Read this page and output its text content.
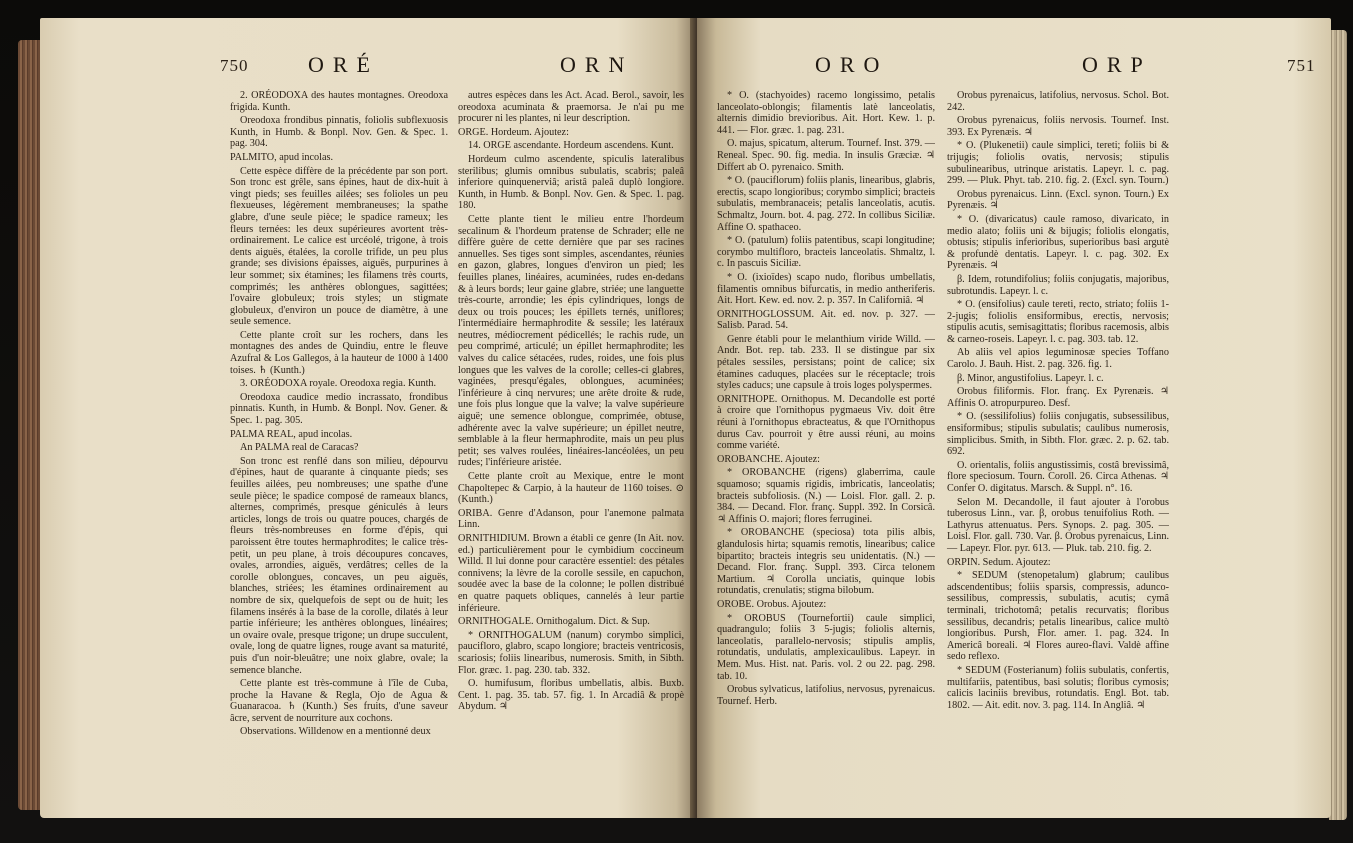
750	ORÉ	ORN

2. ORÉODOXA des hautes montagnes. Oreodoxa frigida. Kunth.

Oreodoxa frondibus pinnatis, foliolis subflexuosis Kunth, in Humb. & Bonpl. Nov. Gen. & Spec. 1. pag. 304.

PALMITO, apud incolas.

Cette espèce diffère de la précédente par son port. Son tronc est grêle, sans épines, haut de dix-huit à vingt pieds; ses feuilles ailées; ses folioles un peu flexueuses, légèrement membraneuses; la spathe glabre, d'une seule pièce; le spadice rameux; les fleurs ternées: les deux supérieures avortent très-ordinairement. Le calice est urcéolé, trigone, à trois dents aiguës, étalées, la corolle trifide, un peu plus grande; ses divisions épaisses, aiguës, purpurines à leur sommet; six étamines; les filamens très courts, comprimés; les anthères oblongues, sagittées; l'ovaire globuleux; trois styles; un stigmate globuleux, d'environ un pouce de diamètre, à une seule semence.

Cette plante croît sur les rochers, dans les montagnes des andes de Quindiu, entre le fleuve Azufral & Los Gallegos, à la hauteur de 1000 à 1400 toises. ♄ (Kunth.)

3. ORÉODOXA royale. Oreodoxa regia. Kunth.

Oreodoxa caudice medio incrassato, frondibus pinnatis. Kunth, in Humb. & Bonpl. Nov. Gener. & Spec. 1. pag. 305.

PALMA REAL, apud incolas.

An PALMA real de Caracas?

Son tronc est renflé dans son milieu, dépourvu d'épines, haut de quarante à cinquante pieds; ses feuilles ailées, peu nombreuses; une spathe d'une seule pièce; le spadice composé de rameaux blancs, alternes, comprimés, presque géniculés à leurs articles, longs de trois ou quatre pouces, chargés de fleurs très-nombreuses en forme d'épis, qui paroissent être toutes hermaphrodites; le calice très-petit, un peu plane, à trois découpures concaves, ovales, arrondies, aiguës, verdâtres; celles de la corolle oblongues, concaves, un peu aiguës, blanches, striées; les étamines ordinairement au nombre de six, quelquefois de sept ou de huit; les filamens insérés à la base de la corolle, dilatés à leur partie inférieure; les anthères oblongues, linéaires; un ovaire ovale, presque trigone; un drupe succulent, ovale, long de quatre lignes, rouge avant sa maturité, puis d'un noir-bleuâtre; une noix glabre, ovale; la semence blanche.

Cette plante est très-commune à l'île de Cuba, proche la Havane & Regla, Ojo de Agua & Guanaracoa. ♄ (Kunth.) Ses fruits, d'une saveur âcre, servent de nourriture aux cochons.

Observations. Willdenow en a mentionné deux

autres espèces dans les Act. Acad. Berol., savoir, les oreodoxa acuminata & praemorsa. Je n'ai pu me procurer ni les plantes, ni leur description.

ORGE. Hordeum. Ajoutez:

14. ORGE ascendante. Hordeum ascendens. Kunt.

Hordeum culmo ascendente, spiculis lateralibus sterilibus; glumis omnibus subulatis, scabris; paleâ inferiore quinquenerviâ; aristâ paleâ duplò longiore. Kunth, in Humb. & Bonpl. Nov. Gen. & Spec. 1. pag. 180.

Cette plante tient le milieu entre l'hordeum secalinum & l'hordeum pratense de Schrader; elle ne diffère guère de cette dernière que par ses racines annuelles. Ses tiges sont simples, ascendantes, réunies en gazon, glabres, longues d'environ un pied; les feuilles planes, linéaires, acuminées, rudes en-dedans & à leurs bords; leur gaine glabre, striée; une languette très-courte, arrondie; les épis cylindriques, longs de deux ou trois pouces; les épillets ternés, uniflores; l'intermédiaire hermaphrodite & sessile; les latéraux neutres, médiocrement pédicellés; le rachis rude, un peu comprimé, articulé; un épillet hermaphrodite; les valves du calice sétacées, rudes, roides, une fois plus longues que les valves de la corolle; celles-ci glabres, vaginées, presqu'égales, oblongues, acuminées; l'inférieure à cinq nervures; une arête droite & rude, une fois plus longue que la valve; la valve supérieure aiguë; une semence oblongue, comprimée, obtuse, adhérente avec la valve supérieure; un épillet neutre, semblable à la fleur hermaphrodite, mais un peu plus petit; ses valves roulées, linéaires-lancéolées, un peu rudes; l'inférieure aristée.

Cette plante croît au Mexique, entre le mont Chapoltepec & Carpio, à la hauteur de 1160 toises. ⊙ (Kunth.)

ORIBA. Genre d'Adanson, pour l'anemone palmata Linn.

ORNITHIDIUM. Brown a établi ce genre (In Ait. nov. ed.) particulièrement pour le cymbidium coccineum Willd. Il lui donne pour caractère essentiel: des pétales connivens; la lèvre de la corolle sessile, en capuchon, soudée avec la base de la colonne; le pollen distribué en quatre paquets obliques, cannelés à leur partie inférieure.

ORNITHOGALE. Ornithogalum. Dict. & Sup.

* ORNITHOGALUM (nanum) corymbo simplici, paucifloro, glabro, scapo longiore; bracteis ventricosis, scariosis; foliis linearibus, numerosis. Smith, in Sibth. Flor. græc. 1. pag. 230. tab. 332.

O. humifusum, floribus umbellatis, albis. Buxb. Cent. 1. pag. 35. tab. 57. fig. 1. In Arcadiâ & propè Abydum. ♃

ORO	ORP	751

* O. (stachyoides) racemo longissimo, petalis lanceolato-oblongis; filamentis latè lanceolatis, alternis dimidio brevioribus. Ait. Hort. Kew. 1. p. 441. — Flor. græc. 1. pag. 231.

O. majus, spicatum, alterum. Tournef. Inst. 379. — Reneal. Spec. 90. fig. media. In insulis Græciæ. ♃ Differt ab O. pyrenaico. Smith.

* O. (pauciflorum) foliis planis, linearibus, glabris, erectis, scapo longioribus; corymbo simplici; bracteis subulatis, membranaceis; petalis lanceolatis, acutis. Schmaltz, Journ. bot. 4. pag. 272. In collibus Siciliæ. Affine O. spathaceo.

* O. (patulum) foliis patentibus, scapi longitudine; corymbo multifloro, bracteis lanceolatis. Shmaltz, l. c. In pascuis Siciliæ.

* O. (ixioïdes) scapo nudo, floribus umbellatis, filamentis omnibus bifurcatis, in medio antheriferis. Ait. Hort. Kew. ed. nov. 2. p. 357. In Californiâ. ♃

ORNITHOGLOSSUM. Ait. ed. nov. p. 327. — Salisb. Parad. 54.

Genre établi pour le melanthium viride Willd. — Andr. Bot. rep. tab. 233. Il se distingue par six pétales sessiles, persistans; point de calice; six étamines caduques, placées sur le réceptacle; trois styles caducs; une capsule à trois loges polyspermes.

ORNITHOPE. Ornithopus. M. Decandolle est porté à croire que l'ornithopus pygmaeus Viv. doit être réuni à l'ornithopus ebracteatus, & que l'Ornithopus durus Cav. pourroit y être aussi réuni, au moins comme variété.

OROBANCHE. Ajoutez:

* OROBANCHE (rigens) glaberrima, caule squamoso; squamis rigidis, imbricatis, lanceolatis; bracteis subfoliosis. (N.) — Loisl. Flor. gall. 2. p. 384. — Decand. Flor. franç. Suppl. 392. In Corsicâ. ♃ Affinis O. majori; flores ferruginei.

* OROBANCHE (speciosa) tota pilis albis, glandulosis hirta; squamis remotis, linearibus; calice bipartito; bracteis integris seu unidentatis. (N.) — Decand. Flor. franç. Suppl. 393. Circa telonem Martium. ♃ Corolla unciatis, quinque lobis rotundatis, crenulatis; stigma bilobum.

OROBE. Orobus. Ajoutez:

* OROBUS (Tournefortii) caule simplici, quadrangulo; foliis 3 5-jugis; foliolis alternis, lanceolatis, parallelo-nervosis; stipulis amplis, rotundatis, undulatis, amplexicaulibus. Lapeyr. in Mem. Mus. Hist. nat. Paris. vol. 2 ou 22. pag. 298. tab. 10.

Orobus sylvaticus, latifolius, nervosus, pyrenaicus. Tournef. Herb.

Orobus pyrenaicus, latifolius, nervosus. Schol. Bot. 242.

Orobus pyrenaicus, foliis nervosis. Tournef. Inst. 393. Ex Pyrenæis. ♃

* O. (Plukenetii) caule simplici, tereti; foliis bi & trijugis; foliolis ovatis, nervosis; stipulis subulinearibus, utrinque aristatis. Lapeyr. l. c. pag. 299. — Pluk. Phyt. tab. 210. fig. 2. (Excl. syn. Tourn.)

Orobus pyrenaicus. Linn. (Excl. synon. Tourn.) Ex Pyrenæis. ♃

* O. (divaricatus) caule ramoso, divaricato, in medio alato; foliis uni & bijugis; foliolis elongatis, obtusis; stipulis inferioribus, superioribus basi argutè & profundè dentatis. Lapeyr. l. c. pag. 302. Ex Pyrenæis. ♃

β. Idem, rotundifolius; foliis conjugatis, majoribus, subrotundis. Lapeyr. l. c.

* O. (ensifolius) caule tereti, recto, striato; foliis 1-2-jugis; foliolis ensiformibus, erectis, nervosis; stipulis acutis, semisagittatis; floribus racemosis, albis & carneo-roseis. Lapeyr. l. c. pag. 303. tab. 12.

Ab aliis vel apios leguminosæ species Toffano Carolo. J. Bauh. Hist. 2. pag. 326. fig. 1.

β. Minor, angustifolius. Lapeyr. l. c.

Orobus filiformis. Flor. franç. Ex Pyrenæis. ♃ Affinis O. atropurpureo. Desf.

* O. (sessilifolius) foliis conjugatis, subsessilibus, ensiformibus; stipulis subulatis; caulibus numerosis, simplicibus. Smith, in Sibth. Flor. græc. 2. p. 62. tab. 692.

O. orientalis, foliis angustissimis, costâ brevissimâ, flore speciosum. Tourn. Coroll. 26. Circa Athenas. ♃ Confer O. digitatus. Marsch. & Suppl. n°. 16.

Selon M. Decandolle, il faut ajouter à l'orobus tuberosus Linn., var. β, orobus tenuifolius Roth. — Lathyrus attenuatus. Pers. Synops. 2. pag. 305. — Loisl. Flor. gall. 730. Var. β. Orobus pyrenaicus, Linn. — Lapeyr. Flor. pyr. 613. — Pluk. tab. 210. fig. 2.

ORPIN. Sedum. Ajoutez:

* SEDUM (stenopetalum) glabrum; caulibus adscendentibus; foliis sparsis, compressis, adunco-sessilibus, compressis, subulatis, acutis; cymâ terminali, trichotomâ; petalis recurvatis; floribus sessilibus, decandris; petalis linearibus, calice multò longioribus. Pursh, Flor. amer. 1. pag. 324. In Americâ boreali. ♃ Flores aureo-flavi. Valdè affine sedo reflexo.

* SEDUM (Fosterianum) foliis subulatis, confertis, multifariis, patentibus, basi solutis; floribus cymosis; calicis laciniis brevibus, rotundatis. Engl. Bot. tab. 1802. — Ait. edit. nov. 3. pag. 114. In Angliâ. ♃
